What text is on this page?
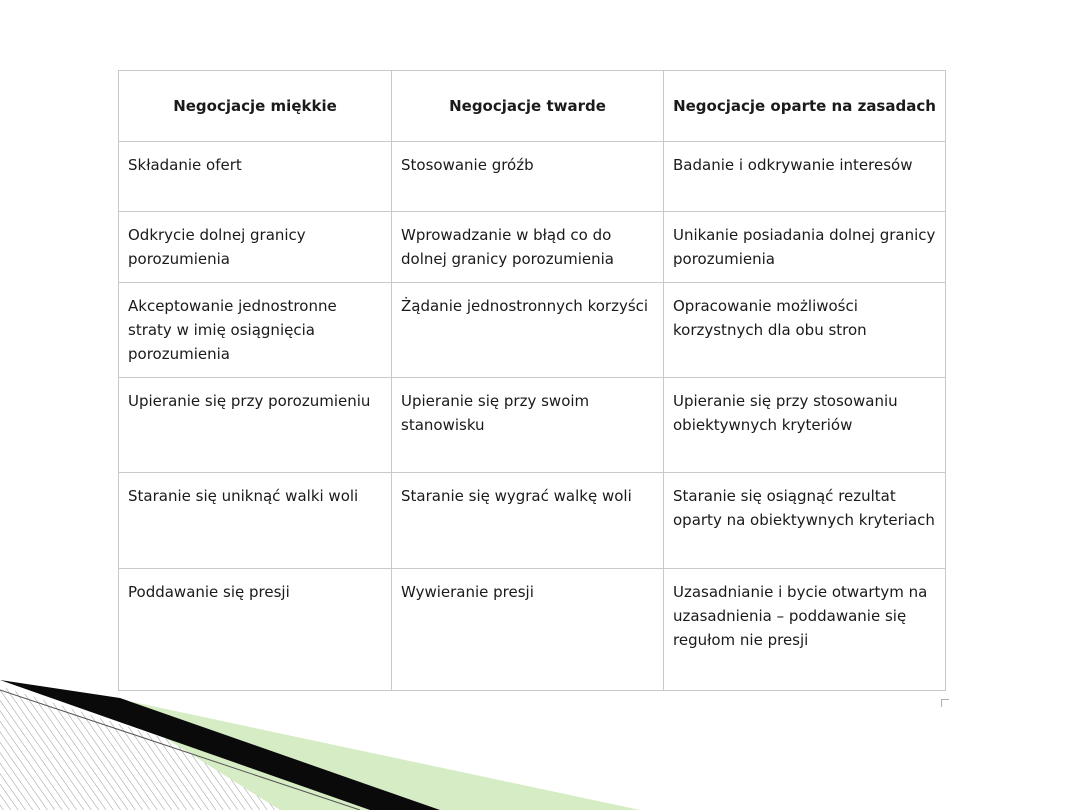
Negocjacje miękkie	Negocjacje twarde	Negocjacje oparte na zasadach
Składanie ofert	Stosowanie gróźb	Badanie i odkrywanie interesów
Odkrycie dolnej granicy porozumienia	Wprowadzanie w błąd co do dolnej granicy porozumienia	Unikanie posiadania dolnej granicy porozumienia
Akceptowanie jednostronne straty w imię osiągnięcia porozumienia	Żądanie jednostronnych korzyści	Opracowanie możliwości korzystnych dla obu stron
Upieranie się przy porozumieniu	Upieranie się przy swoim stanowisku	Upieranie się przy stosowaniu obiektywnych kryteriów
Staranie się uniknąć walki woli	Staranie się wygrać walkę woli	Staranie się osiągnąć rezultat oparty na obiektywnych kryteriach
Poddawanie się presji	Wywieranie presji	Uzasadnianie i bycie otwartym na uzasadnienia – poddawanie się regułom nie presji
